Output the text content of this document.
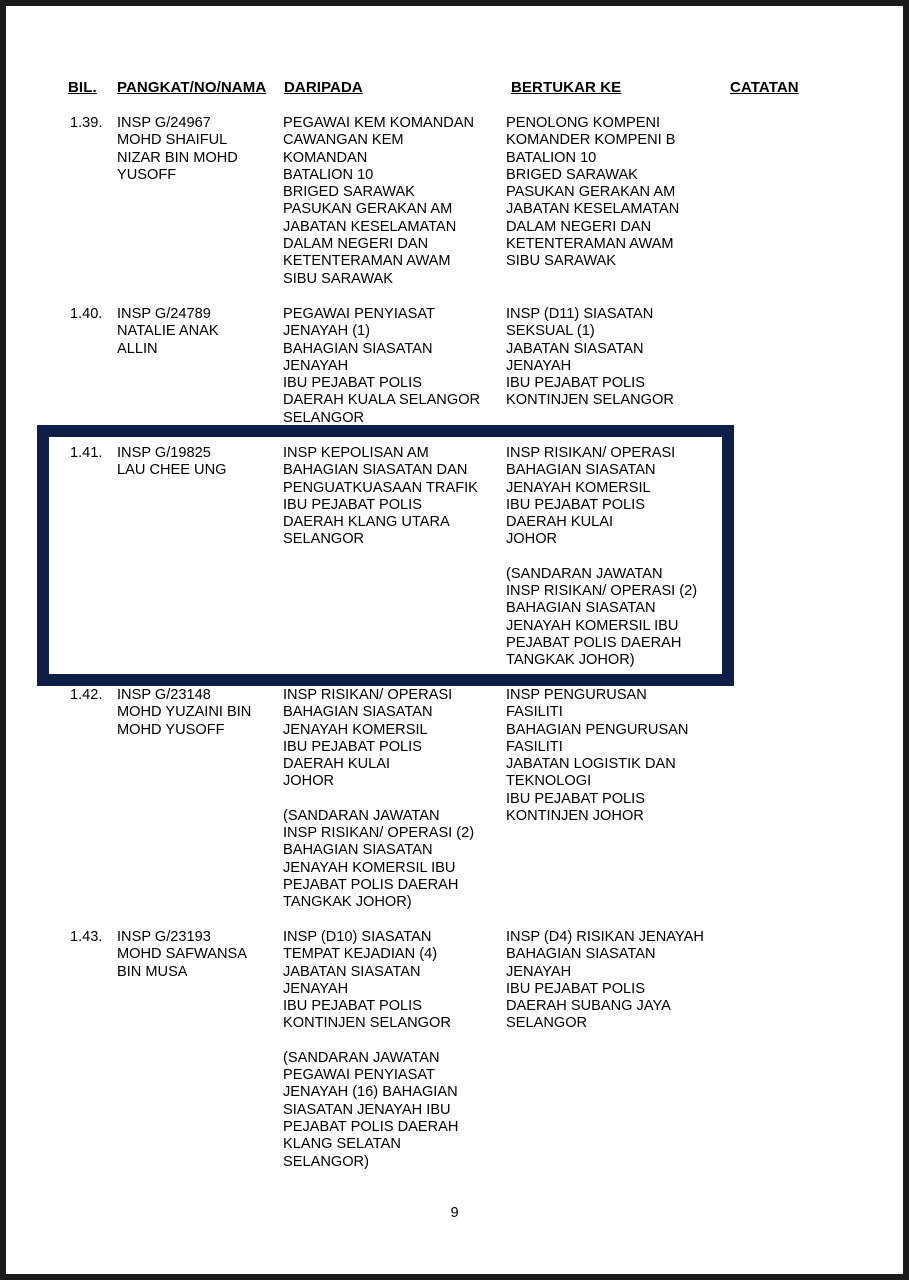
BIL. PANGKAT/NO/NAMA DARIPADA	BERTUKAR KE	CATATAN
1.39. INSP G/24967
MOHD SHAIFUL
NIZAR BIN MOHD
YUSOFF
PEGAWAI KEM KOMANDAN
CAWANGAN KEM
KOMANDAN
BATALION 10
BRIGED SARAWAK
PASUKAN GERAKAN AM
JABATAN KESELAMATAN
DALAM NEGERI DAN
KETENTERAMAN AWAM
SIBU SARAWAK
PENOLONG KOMPENI
KOMANDER KOMPENI B
BATALION 10
BRIGED SARAWAK
PASUKAN GERAKAN AM
JABATAN KESELAMATAN
DALAM NEGERI DAN
KETENTERAMAN AWAM
SIBU SARAWAK
1.40. INSP G/24789
NATALIE ANAK
ALLIN
PEGAWAI PENYIASAT
JENAYAH (1)
BAHAGIAN SIASATAN
JENAYAH
IBU PEJABAT POLIS
DAERAH KUALA SELANGOR
SELANGOR
INSP (D11) SIASATAN
SEKSUAL (1)
JABATAN SIASATAN
JENAYAH
IBU PEJABAT POLIS
KONTINJEN SELANGOR
1.41. INSP G/19825
LAU CHEE UNG
INSP KEPOLISAN AM
BAHAGIAN SIASATAN DAN
PENGUATKUASAAN TRAFIK
IBU PEJABAT POLIS
DAERAH KLANG UTARA
SELANGOR
INSP RISIKAN/ OPERASI
BAHAGIAN SIASATAN
JENAYAH KOMERSIL
IBU PEJABAT POLIS
DAERAH KULAI
JOHOR
(SANDARAN JAWATAN
INSP RISIKAN/ OPERASI (2)
BAHAGIAN SIASATAN
JENAYAH KOMERSIL IBU
PEJABAT POLIS DAERAH
TANGKAK JOHOR)
1.42. INSP G/23148
MOHD YUZAINI BIN
MOHD YUSOFF
INSP RISIKAN/ OPERASI
BAHAGIAN SIASATAN
JENAYAH KOMERSIL
IBU PEJABAT POLIS
DAERAH KULAI
JOHOR
(SANDARAN JAWATAN
INSP RISIKAN/ OPERASI (2)
BAHAGIAN SIASATAN
JENAYAH KOMERSIL IBU
PEJABAT POLIS DAERAH
TANGKAK JOHOR)
INSP PENGURUSAN
FASILITI
BAHAGIAN PENGURUSAN
FASILITI
JABATAN LOGISTIK DAN
TEKNOLOGI
IBU PEJABAT POLIS
KONTINJEN JOHOR
1.43. INSP G/23193
MOHD SAFWANSA
BIN MUSA
INSP (D10) SIASATAN
TEMPAT KEJADIAN (4)
JABATAN SIASATAN
JENAYAH
IBU PEJABAT POLIS
KONTINJEN SELANGOR
(SANDARAN JAWATAN
PEGAWAI PENYIASAT
JENAYAH (16) BAHAGIAN
SIASATAN JENAYAH IBU
PEJABAT POLIS DAERAH
KLANG SELATAN
SELANGOR)
INSP (D4) RISIKAN JENAYAH
BAHAGIAN SIASATAN
JENAYAH
IBU PEJABAT POLIS
DAERAH SUBANG JAYA
SELANGOR
9
